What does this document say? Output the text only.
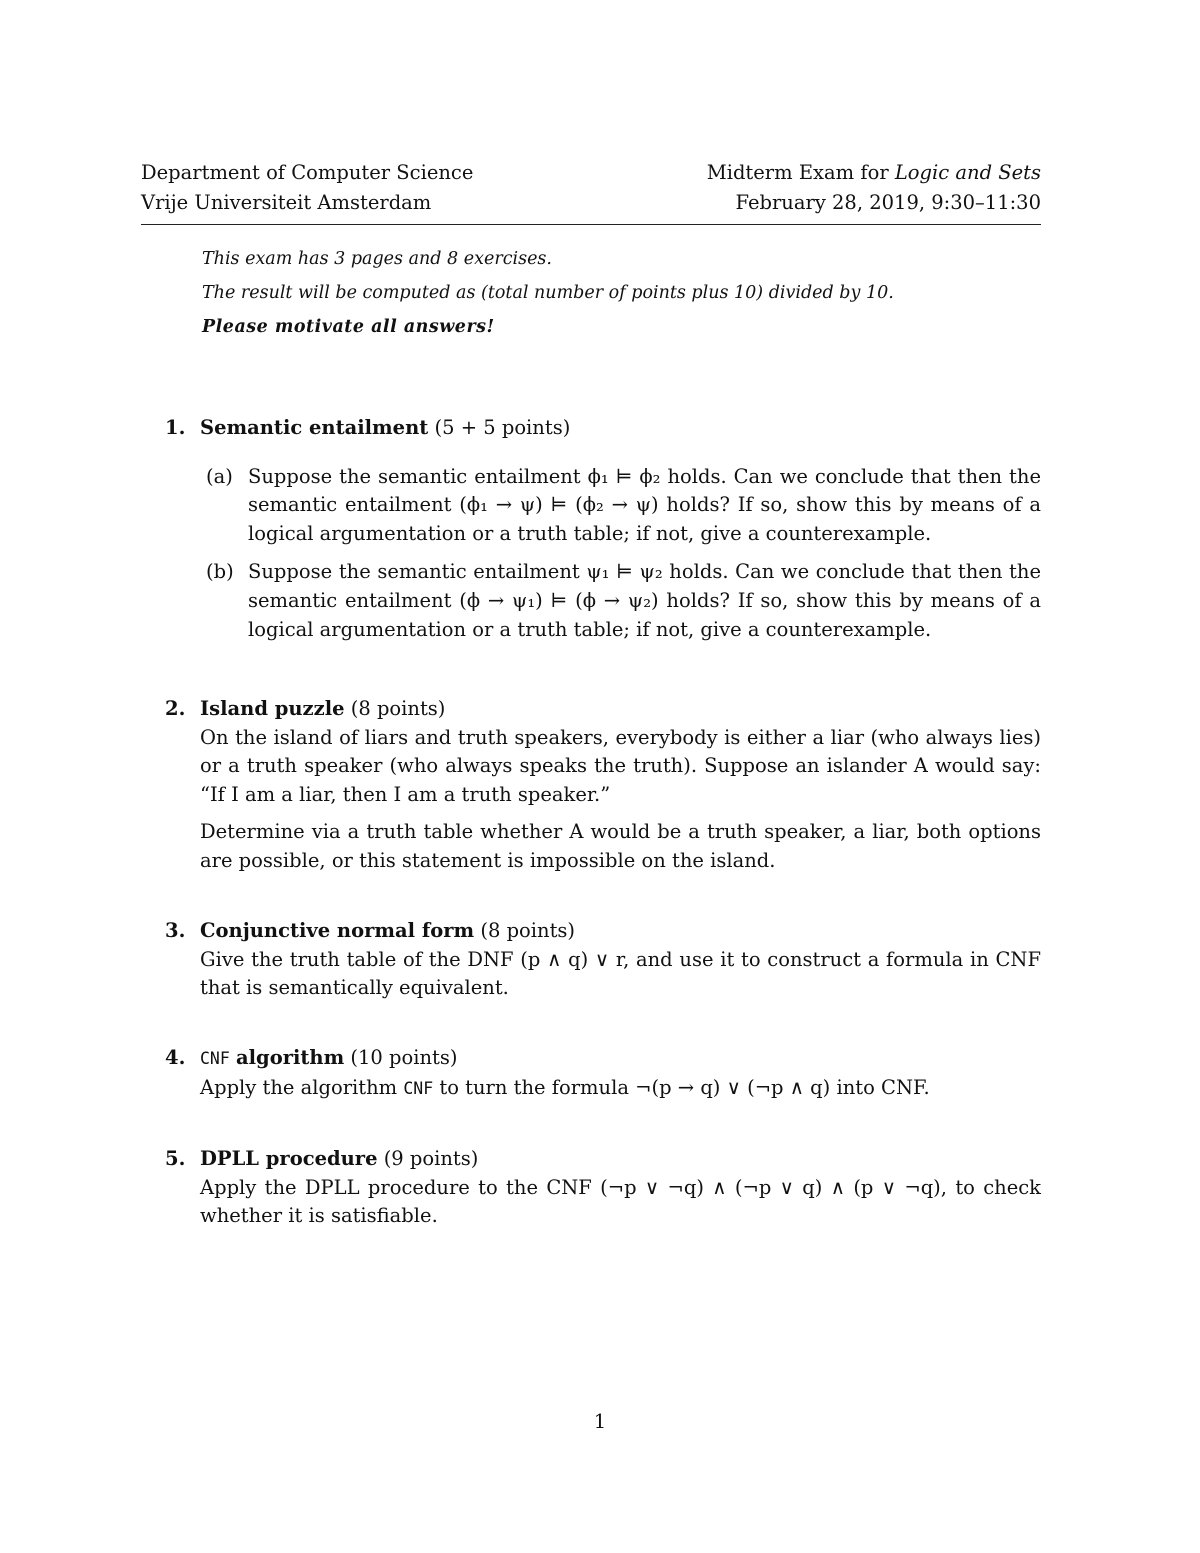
Department of Computer Science	Midterm Exam for Logic and Sets
Vrije Universiteit Amsterdam	February 28, 2019, 9:30–11:30

This exam has 3 pages and 8 exercises.

The result will be computed as (total number of points plus 10) divided by 10.

Please motivate all answers!

1. Semantic entailment (5 + 5 points)
(a) Suppose the semantic entailment ϕ₁ ⊨ ϕ₂ holds. Can we conclude that then the semantic entailment (ϕ₁ → ψ) ⊨ (ϕ₂ → ψ) holds? If so, show this by means of a logical argumentation or a truth table; if not, give a counterexample.
(b) Suppose the semantic entailment ψ₁ ⊨ ψ₂ holds. Can we conclude that then the semantic entailment (ϕ → ψ₁) ⊨ (ϕ → ψ₂) holds? If so, show this by means of a logical argumentation or a truth table; if not, give a counterexample.
2. Island puzzle (8 points)

On the island of liars and truth speakers, everybody is either a liar (who always lies) or a truth speaker (who always speaks the truth). Suppose an islander A would say: “If I am a liar, then I am a truth speaker.”

Determine via a truth table whether A would be a truth speaker, a liar, both options are possible, or this statement is impossible on the island.

3. Conjunctive normal form (8 points)

Give the truth table of the DNF (p ∧ q) ∨ r, and use it to construct a formula in CNF that is semantically equivalent.

4. CNF algorithm (10 points)

Apply the algorithm CNF to turn the formula ¬(p → q) ∨ (¬p ∧ q) into CNF.

5. DPLL procedure (9 points)

Apply the DPLL procedure to the CNF (¬p ∨ ¬q) ∧ (¬p ∨ q) ∧ (p ∨ ¬q), to check whether it is satisfiable.

1
